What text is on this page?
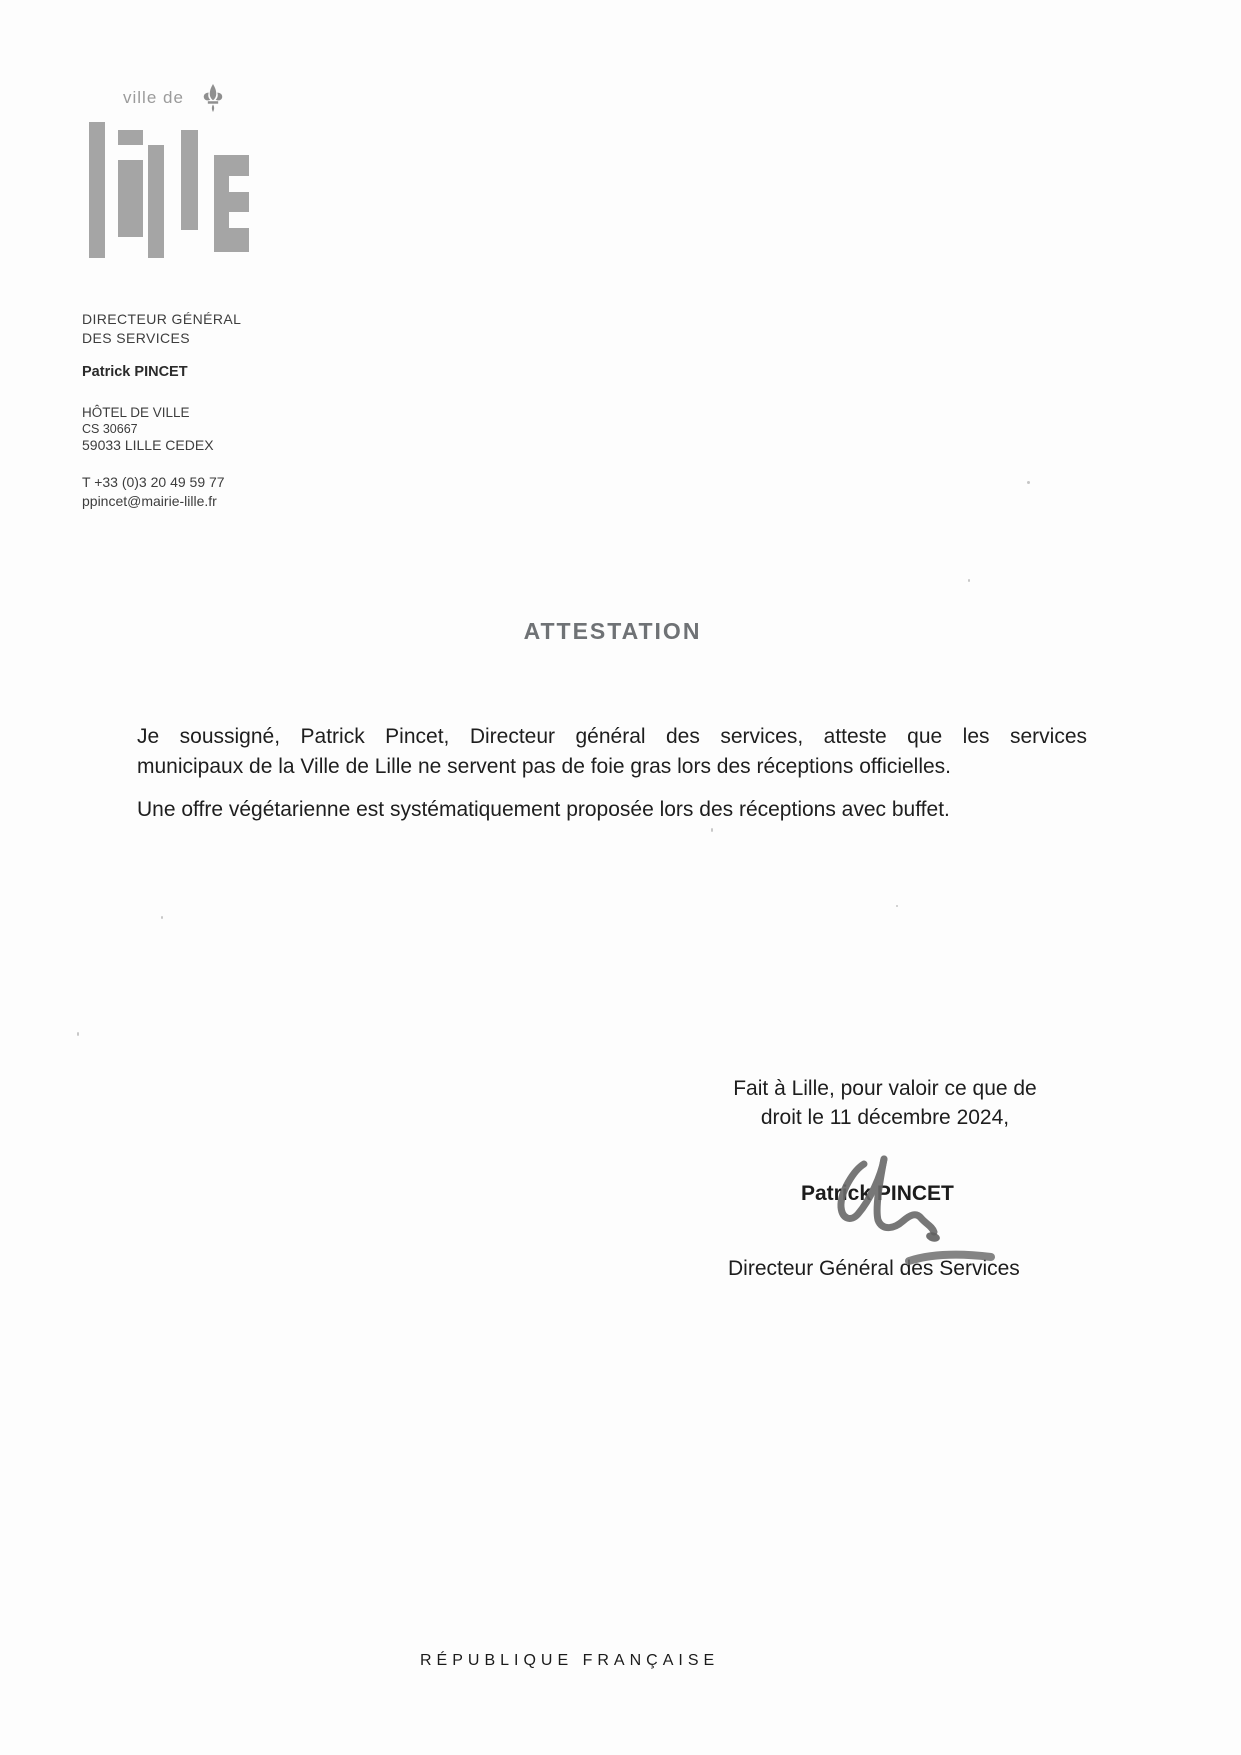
ville de
DIRECTEUR GÉNÉRAL
DES SERVICES
Patrick PINCET
HÔTEL DE VILLE
CS 30667
59033 LILLE CEDEX
T +33 (0)3 20 49 59 77
ppincet@mairie-lille.fr
ATTESTATION
Je soussigné, Patrick Pincet, Directeur général des services, atteste que les services
municipaux de la Ville de Lille ne servent pas de foie gras lors des réceptions officielles.
Une offre végétarienne est systématiquement proposée lors des réceptions avec buffet.
Fait à Lille, pour valoir ce que de
droit le 11 décembre 2024,
Patrick PINCET
Directeur Général des Services
RÉPUBLIQUE FRANÇAISE
